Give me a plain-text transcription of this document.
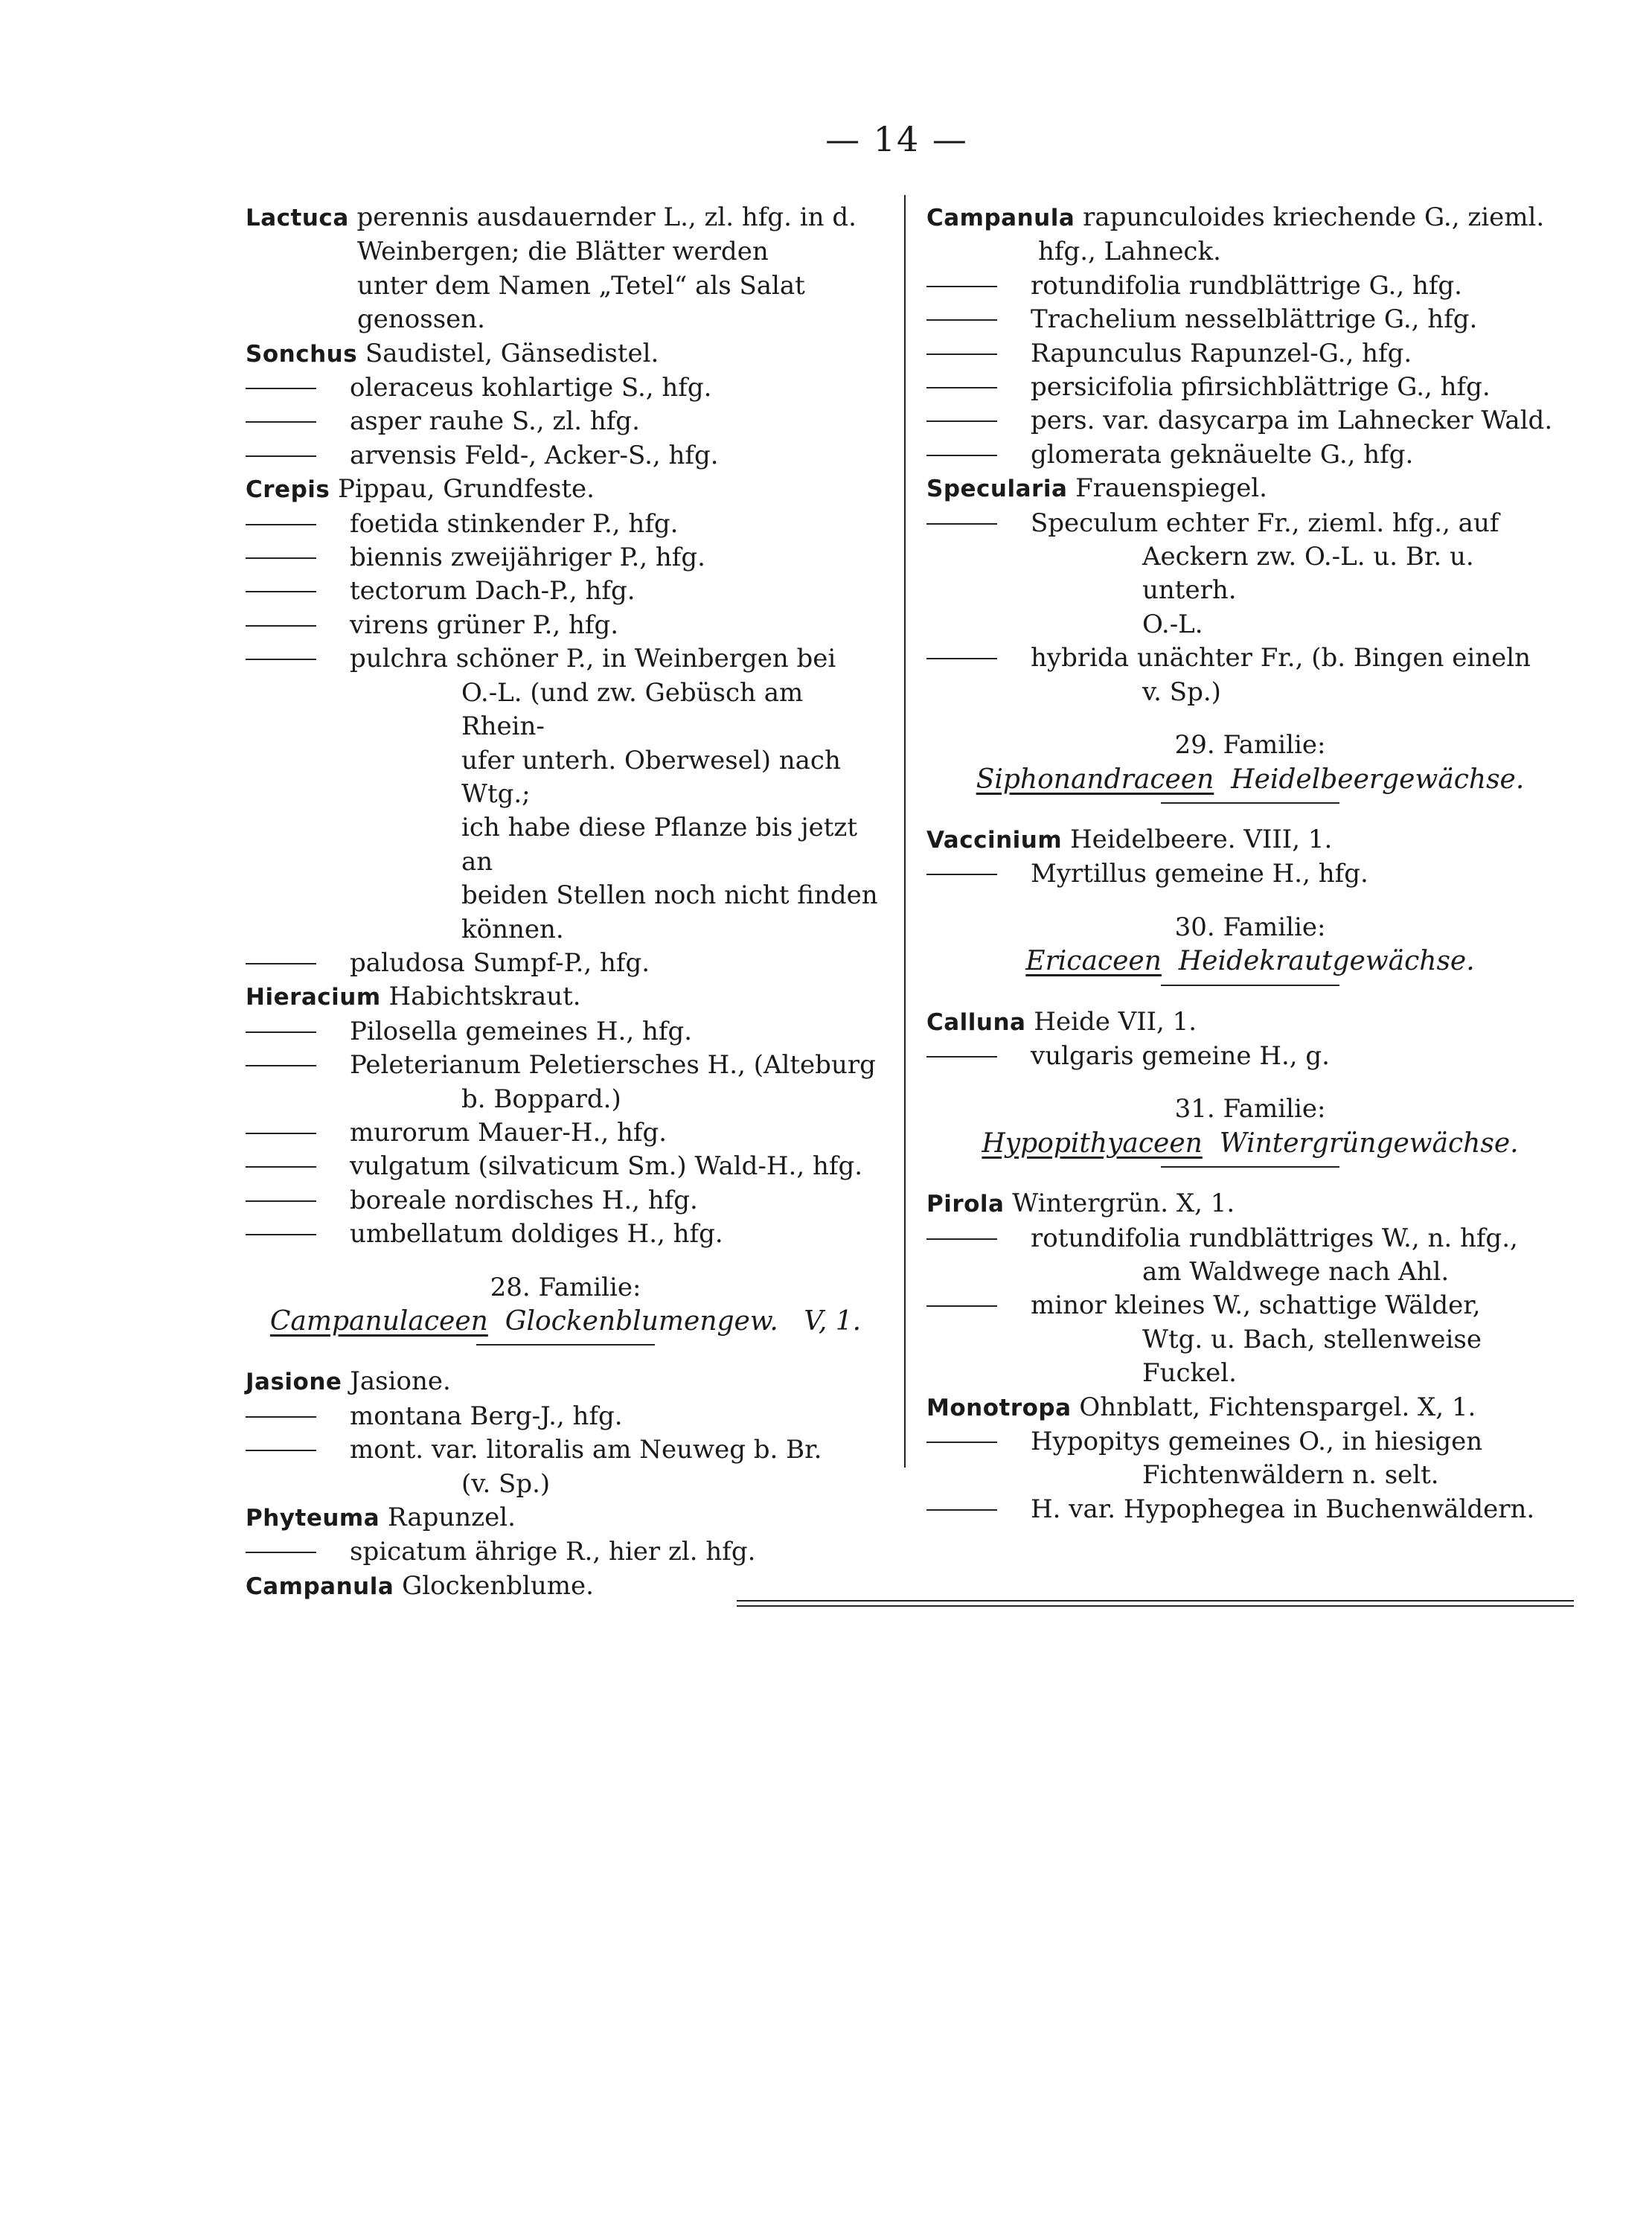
— 14 —
Lactuca perennis ausdauernder L., zl. hfg. in d.
Weinbergen; die Blätter werden
unter dem Namen „Tetel“ als Salat
genossen.
Sonchus Saudistel, Gänsedistel.
oleraceus kohlartige S., hfg.
asper rauhe S., zl. hfg.
arvensis Feld-, Acker-S., hfg.
Crepis Pippau, Grundfeste.
foetida stinkender P., hfg.
biennis zweijähriger P., hfg.
tectorum Dach-P., hfg.
virens grüner P., hfg.
pulchra schöner P., in Weinbergen bei
O.-L. (und zw. Gebüsch am Rhein-
ufer unterh. Oberwesel) nach Wtg.;
ich habe diese Pflanze bis jetzt an
beiden Stellen noch nicht finden
können.
paludosa Sumpf-P., hfg.
Hieracium Habichtskraut.
Pilosella gemeines H., hfg.
Peleterianum Peletiersches H., (Alteburg
b. Boppard.)
murorum Mauer-H., hfg.
vulgatum (silvaticum Sm.) Wald-H., hfg.
boreale nordisches H., hfg.
umbellatum doldiges H., hfg.
28. Familie:
Campanulaceen Glockenblumengew. V, 1.
Jasione Jasione.
montana Berg-J., hfg.
mont. var. litoralis am Neuweg b. Br.
(v. Sp.)
Phyteuma Rapunzel.
spicatum ährige R., hier zl. hfg.
Campanula Glockenblume.
Campanula rapunculoides kriechende G., zieml.
hfg., Lahneck.
rotundifolia rundblättrige G., hfg.
Trachelium nesselblättrige G., hfg.
Rapunculus Rapunzel-G., hfg.
persicifolia pfirsichblättrige G., hfg.
pers. var. dasycarpa im Lahnecker Wald.
glomerata geknäuelte G., hfg.
Specularia Frauenspiegel.
Speculum echter Fr., zieml. hfg., auf
Aeckern zw. O.-L. u. Br. u. unterh.
O.-L.
hybrida unächter Fr., (b. Bingen eineln
v. Sp.)
29. Familie:
Siphonandraceen Heidelbeergewächse.
Vaccinium Heidelbeere. VIII, 1.
Myrtillus gemeine H., hfg.
30. Familie:
Ericaceen Heidekrautgewächse.
Calluna Heide VII, 1.
vulgaris gemeine H., g.
31. Familie:
Hypopithyaceen Wintergrüngewächse.
Pirola Wintergrün. X, 1.
rotundifolia rundblättriges W., n. hfg.,
am Waldwege nach Ahl.
minor kleines W., schattige Wälder,
Wtg. u. Bach, stellenweise Fuckel.
Monotropa Ohnblatt, Fichtenspargel. X, 1.
Hypopitys gemeines O., in hiesigen
Fichtenwäldern n. selt.
H. var. Hypophegea in Buchenwäldern.
